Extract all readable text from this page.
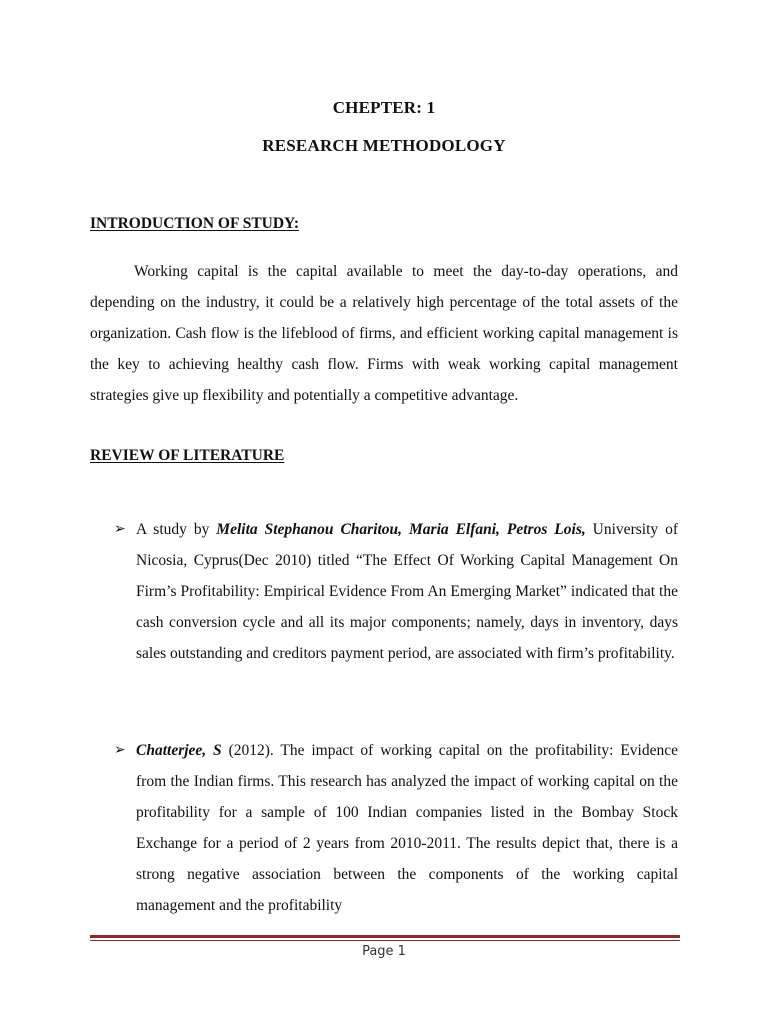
CHEPTER: 1
RESEARCH METHODOLOGY
INTRODUCTION OF STUDY:

Working capital is the capital available to meet the day-to-day operations, and depending on the industry, it could be a relatively high percentage of the total assets of the organization. Cash flow is the lifeblood of firms, and efficient working capital management is the key to achieving healthy cash flow. Firms with weak working capital management strategies give up flexibility and potentially a competitive advantage.

REVIEW OF LITERATURE
➢ A study by Melita Stephanou Charitou, Maria Elfani, Petros Lois, University of Nicosia, Cyprus(Dec 2010) titled “The Effect Of Working Capital Management On Firm’s Profitability: Empirical Evidence From An Emerging Market” indicated that the cash conversion cycle and all its major components; namely, days in inventory, days sales outstanding and creditors payment period, are associated with firm’s profitability.

➢ Chatterjee, S (2012). The impact of working capital on the profitability: Evidence from the Indian firms. This research has analyzed the impact of working capital on the profitability for a sample of 100 Indian companies listed in the Bombay Stock Exchange for a period of 2 years from 2010-2011. The results depict that, there is a strong negative association between the components of the working capital management and the profitability

Page 1
